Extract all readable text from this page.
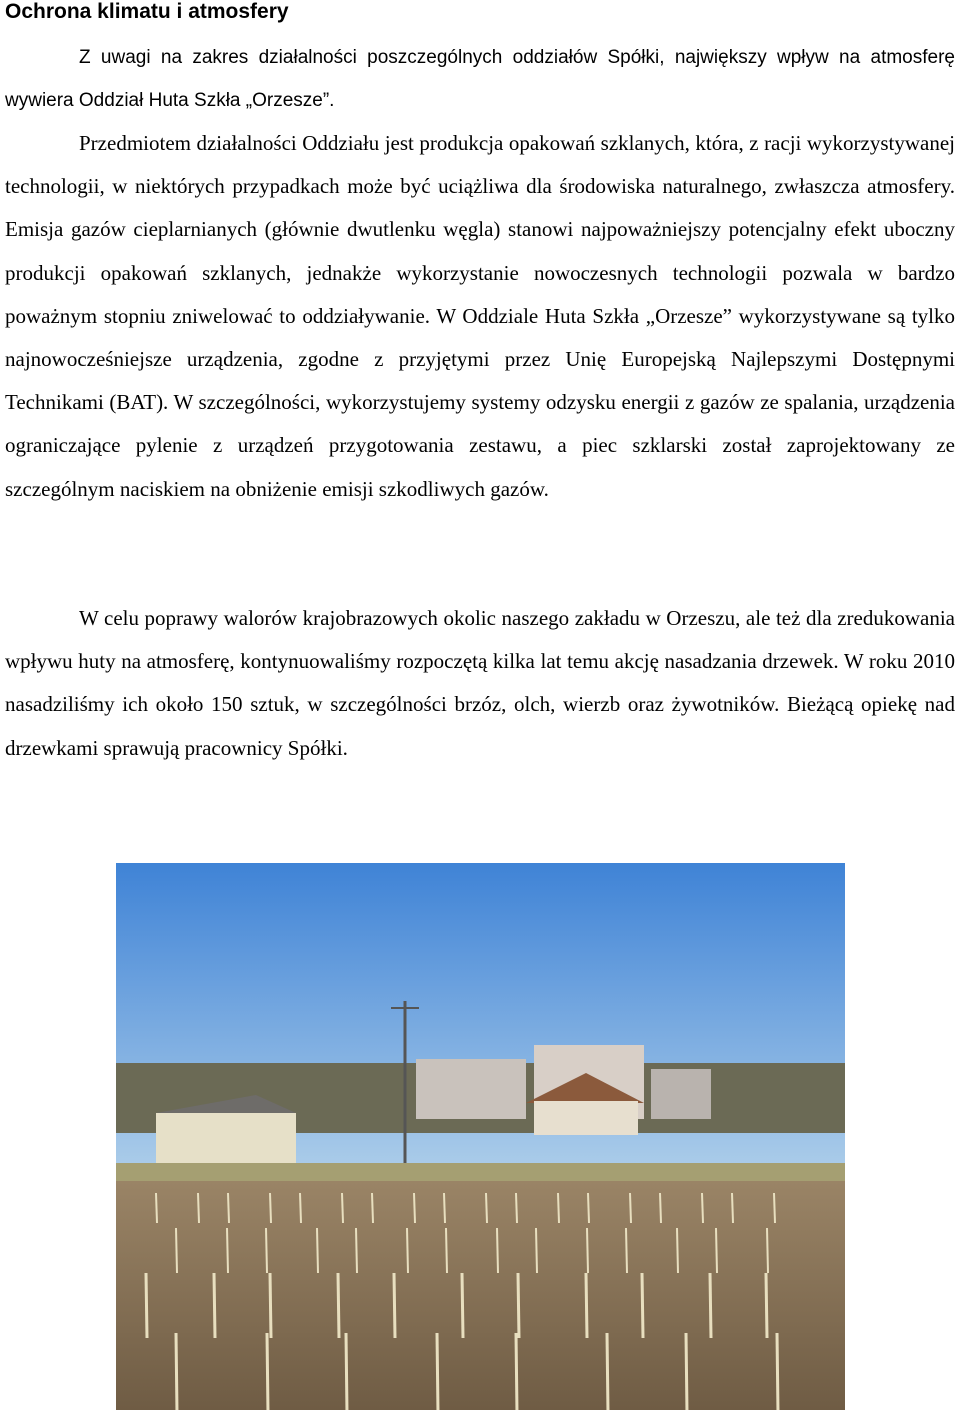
Ochrona klimatu i atmosfery

Z uwagi na zakres działalności poszczególnych oddziałów Spółki, największy wpływ na atmosferę wywiera Oddział Huta Szkła „Orzesze”.

Przedmiotem działalności Oddziału jest produkcja opakowań szklanych, która, z racji wykorzystywanej technologii, w niektórych przypadkach może być uciążliwa dla środowiska naturalnego, zwłaszcza atmosfery. Emisja gazów cieplarnianych (głównie dwutlenku węgla) stanowi najpoważniejszy potencjalny efekt uboczny produkcji opakowań szklanych, jednakże wykorzystanie nowoczesnych technologii pozwala w bardzo poważnym stopniu zniwelować to oddziaływanie. W Oddziale Huta Szkła „Orzesze” wykorzystywane są tylko najnowocześniejsze urządzenia, zgodne z przyjętymi przez Unię Europejską Najlepszymi Dostępnymi Technikami (BAT). W szczególności, wykorzystujemy systemy odzysku energii z gazów ze spalania, urządzenia ograniczające pylenie z urządzeń przygotowania zestawu, a piec szklarski został zaprojektowany ze szczególnym naciskiem na obniżenie emisji szkodliwych gazów.

W celu poprawy walorów krajobrazowych okolic naszego zakładu w Orzeszu, ale też dla zredukowania wpływu huty na atmosferę, kontynuowaliśmy rozpoczętą kilka lat temu akcję nasadzania drzewek. W roku 2010 nasadziliśmy ich około 150 sztuk, w szczególności brzóz, olch, wierzb oraz żywotników. Bieżącą opiekę nad drzewkami sprawują pracownicy Spółki.
